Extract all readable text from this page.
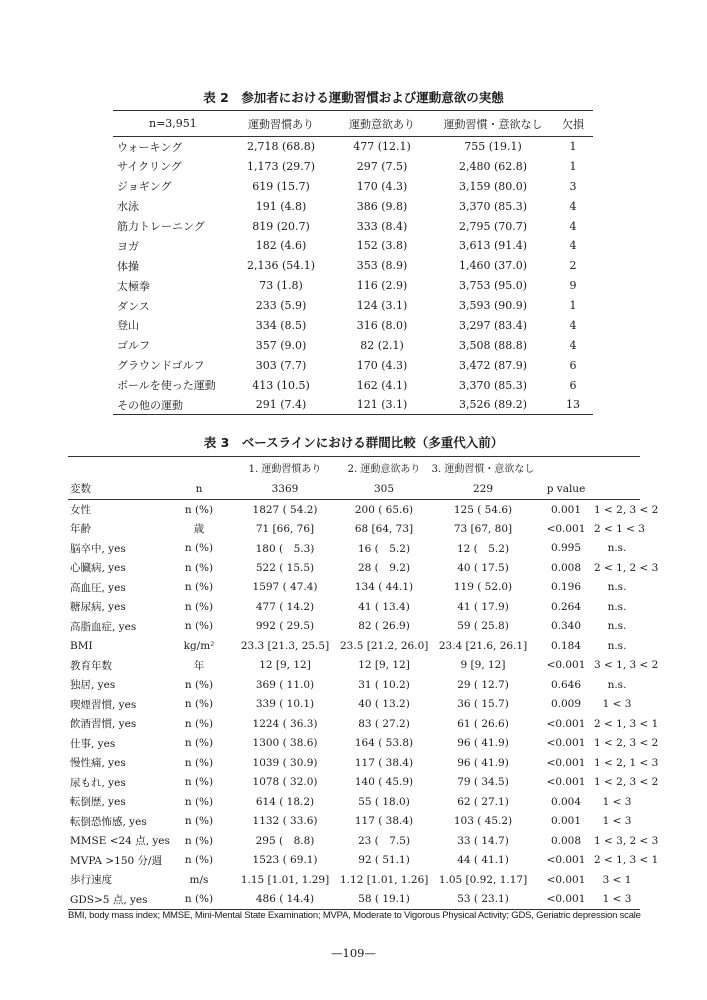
表 2　参加者における運動習慣および運動意欲の実態
n=3,951	運動習慣あり	運動意欲あり	運動習慣・意欲なし	欠損
ウォーキング	2,718 (68.8)	477 (12.1)	755 (19.1)	1
サイクリング	1,173 (29.7)	297 (7.5)	2,480 (62.8)	1
ジョギング	619 (15.7)	170 (4.3)	3,159 (80.0)	3
水泳	191 (4.8)	386 (9.8)	3,370 (85.3)	4
筋力トレーニング	819 (20.7)	333 (8.4)	2,795 (70.7)	4
ヨガ	182 (4.6)	152 (3.8)	3,613 (91.4)	4
体操	2,136 (54.1)	353 (8.9)	1,460 (37.0)	2
太極拳	73 (1.8)	116 (2.9)	3,753 (95.0)	9
ダンス	233 (5.9)	124 (3.1)	3,593 (90.9)	1
登山	334 (8.5)	316 (8.0)	3,297 (83.4)	4
ゴルフ	357 (9.0)	82 (2.1)	3,508 (88.8)	4
グラウンドゴルフ	303 (7.7)	170 (4.3)	3,472 (87.9)	6
ボールを使った運動	413 (10.5)	162 (4.1)	3,370 (85.3)	6
その他の運動	291 (7.4)	121 (3.1)	3,526 (89.2)	13
表 3　ベースラインにおける群間比較（多重代入前）
		1. 運動習慣あり	2. 運動意欲あり	3. 運動習慣・意欲なし		
変数	n	3369	305	229	p value	
女性	n (%)	1827 ( 54.2)	200 ( 65.6)	125 ( 54.6)	0.001	1 < 2, 3 < 2
年齢	歳	71 [66, 76]	68 [64, 73]	73 [67, 80]	<0.001	2 < 1 < 3
脳卒中, yes	n (%)	180 (　5.3)	16 (　5.2)	12 (　5.2)	0.995	n.s.
心臓病, yes	n (%)	522 ( 15.5)	28 (　9.2)	40 ( 17.5)	0.008	2 < 1, 2 < 3
高血圧, yes	n (%)	1597 ( 47.4)	134 ( 44.1)	119 ( 52.0)	0.196	n.s.
糖尿病, yes	n (%)	477 ( 14.2)	41 ( 13.4)	41 ( 17.9)	0.264	n.s.
高脂血症, yes	n (%)	992 ( 29.5)	82 ( 26.9)	59 ( 25.8)	0.340	n.s.
BMI	kg/m²	23.3 [21.3, 25.5]	23.5 [21.2, 26.0]	23.4 [21.6, 26.1]	0.184	n.s.
教育年数	年	12 [9, 12]	12 [9, 12]	9 [9, 12]	<0.001	3 < 1, 3 < 2
独居, yes	n (%)	369 ( 11.0)	31 ( 10.2)	29 ( 12.7)	0.646	n.s.
喫煙習慣, yes	n (%)	339 ( 10.1)	40 ( 13.2)	36 ( 15.7)	0.009	1 < 3
飲酒習慣, yes	n (%)	1224 ( 36.3)	83 ( 27.2)	61 ( 26.6)	<0.001	2 < 1, 3 < 1
仕事, yes	n (%)	1300 ( 38.6)	164 ( 53.8)	96 ( 41.9)	<0.001	1 < 2, 3 < 2
慢性痛, yes	n (%)	1039 ( 30.9)	117 ( 38.4)	96 ( 41.9)	<0.001	1 < 2, 1 < 3
尿もれ, yes	n (%)	1078 ( 32.0)	140 ( 45.9)	79 ( 34.5)	<0.001	1 < 2, 3 < 2
転倒歴, yes	n (%)	614 ( 18.2)	55 ( 18.0)	62 ( 27.1)	0.004	1 < 3
転倒恐怖感, yes	n (%)	1132 ( 33.6)	117 ( 38.4)	103 ( 45.2)	0.001	1 < 3
MMSE <24 点, yes	n (%)	295 (　8.8)	23 (　7.5)	33 ( 14.7)	0.008	1 < 3, 2 < 3
MVPA >150 分/週	n (%)	1523 ( 69.1)	92 ( 51.1)	44 ( 41.1)	<0.001	2 < 1, 3 < 1
歩行速度	m/s	1.15 [1.01, 1.29]	1.12 [1.01, 1.26]	1.05 [0.92, 1.17]	<0.001	3 < 1
GDS>5 点, yes	n (%)	486 ( 14.4)	58 ( 19.1)	53 ( 23.1)	<0.001	1 < 3
BMI, body mass index; MMSE, Mini-Mental State Examination; MVPA, Moderate to Vigorous Physical Activity; GDS, Geriatric depression scale
—109—
